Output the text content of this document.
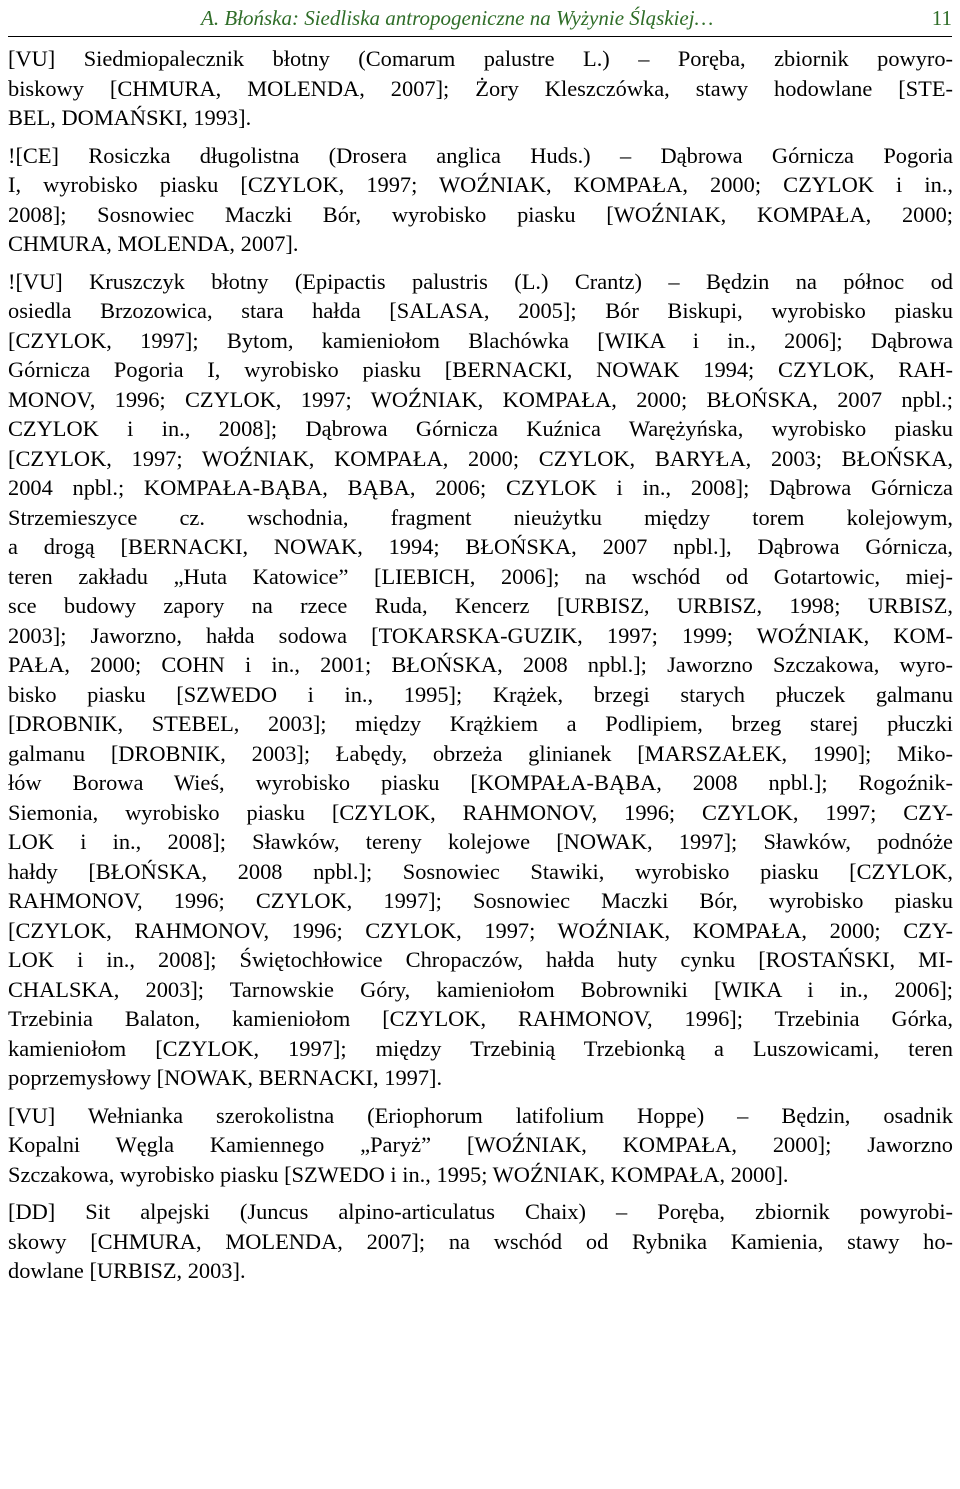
A. Błońska: Siedliska antropogeniczne na Wyżynie Śląskiej…	11
[VU] Siedmiopalecznik błotny (Comarum palustre L.) – Poręba, zbiornik powyro-
biskowy [CHMURA, MOLENDA, 2007]; Żory Kleszczówka, stawy hodowlane [STE-
BEL, DOMAŃSKI, 1993].
![CE] Rosiczka długolistna (Drosera anglica Huds.) – Dąbrowa Górnicza Pogoria
I, wyrobisko piasku [CZYLOK, 1997; WOŹNIAK, KOMPAŁA, 2000; CZYLOK i in.,
2008]; Sosnowiec Maczki Bór, wyrobisko piasku [WOŹNIAK, KOMPAŁA, 2000;
CHMURA, MOLENDA, 2007].
![VU] Kruszczyk błotny (Epipactis palustris (L.) Crantz) – Będzin na północ od
osiedla Brzozowica, stara hałda [SALASA, 2005]; Bór Biskupi, wyrobisko piasku
[CZYLOK, 1997]; Bytom, kamieniołom Blachówka [WIKA i in., 2006]; Dąbrowa
Górnicza Pogoria I, wyrobisko piasku [BERNACKI, NOWAK 1994; CZYLOK, RAH-
MONOV, 1996; CZYLOK, 1997; WOŹNIAK, KOMPAŁA, 2000; BŁOŃSKA, 2007 npbl.;
CZYLOK i in., 2008]; Dąbrowa Górnicza Kuźnica Warężyńska, wyrobisko piasku
[CZYLOK, 1997; WOŹNIAK, KOMPAŁA, 2000; CZYLOK, BARYŁA, 2003; BŁOŃSKA,
2004 npbl.; KOMPAŁA-BĄBA, BĄBA, 2006; CZYLOK i in., 2008]; Dąbrowa Górnicza
Strzemieszyce cz. wschodnia, fragment nieużytku między torem kolejowym,
a drogą [BERNACKI, NOWAK, 1994; BŁOŃSKA, 2007 npbl.], Dąbrowa Górnicza,
teren zakładu „Huta Katowice” [LIEBICH, 2006]; na wschód od Gotartowic, miej-
sce budowy zapory na rzece Ruda, Kencerz [URBISZ, URBISZ, 1998; URBISZ,
2003]; Jaworzno, hałda sodowa [TOKARSKA-GUZIK, 1997; 1999; WOŹNIAK, KOM-
PAŁA, 2000; COHN i in., 2001; BŁOŃSKA, 2008 npbl.]; Jaworzno Szczakowa, wyro-
bisko piasku [SZWEDO i in., 1995]; Krążek, brzegi starych płuczek galmanu
[DROBNIK, STEBEL, 2003]; między Krążkiem a Podlipiem, brzeg starej płuczki
galmanu [DROBNIK, 2003]; Łabędy, obrzeża glinianek [MARSZAŁEK, 1990]; Miko-
łów Borowa Wieś, wyrobisko piasku [KOMPAŁA-BĄBA, 2008 npbl.]; Rogoźnik-
Siemonia, wyrobisko piasku [CZYLOK, RAHMONOV, 1996; CZYLOK, 1997; CZY-
LOK i in., 2008]; Sławków, tereny kolejowe [NOWAK, 1997]; Sławków, podnóże
hałdy [BŁOŃSKA, 2008 npbl.]; Sosnowiec Stawiki, wyrobisko piasku [CZYLOK,
RAHMONOV, 1996; CZYLOK, 1997]; Sosnowiec Maczki Bór, wyrobisko piasku
[CZYLOK, RAHMONOV, 1996; CZYLOK, 1997; WOŹNIAK, KOMPAŁA, 2000; CZY-
LOK i in., 2008]; Świętochłowice Chropaczów, hałda huty cynku [ROSTAŃSKI, MI-
CHALSKA, 2003]; Tarnowskie Góry, kamieniołom Bobrowniki [WIKA i in., 2006];
Trzebinia Balaton, kamieniołom [CZYLOK, RAHMONOV, 1996]; Trzebinia Górka,
kamieniołom [CZYLOK, 1997]; między Trzebinią Trzebionką a Luszowicami, teren
poprzemysłowy [NOWAK, BERNACKI, 1997].
[VU] Wełnianka szerokolistna (Eriophorum latifolium Hoppe) – Będzin, osadnik
Kopalni Węgla Kamiennego „Paryż” [WOŹNIAK, KOMPAŁA, 2000]; Jaworzno
Szczakowa, wyrobisko piasku [SZWEDO i in., 1995; WOŹNIAK, KOMPAŁA, 2000].
[DD] Sit alpejski (Juncus alpino-articulatus Chaix) – Poręba, zbiornik powyrobi-
skowy [CHMURA, MOLENDA, 2007]; na wschód od Rybnika Kamienia, stawy ho-
dowlane [URBISZ, 2003].
